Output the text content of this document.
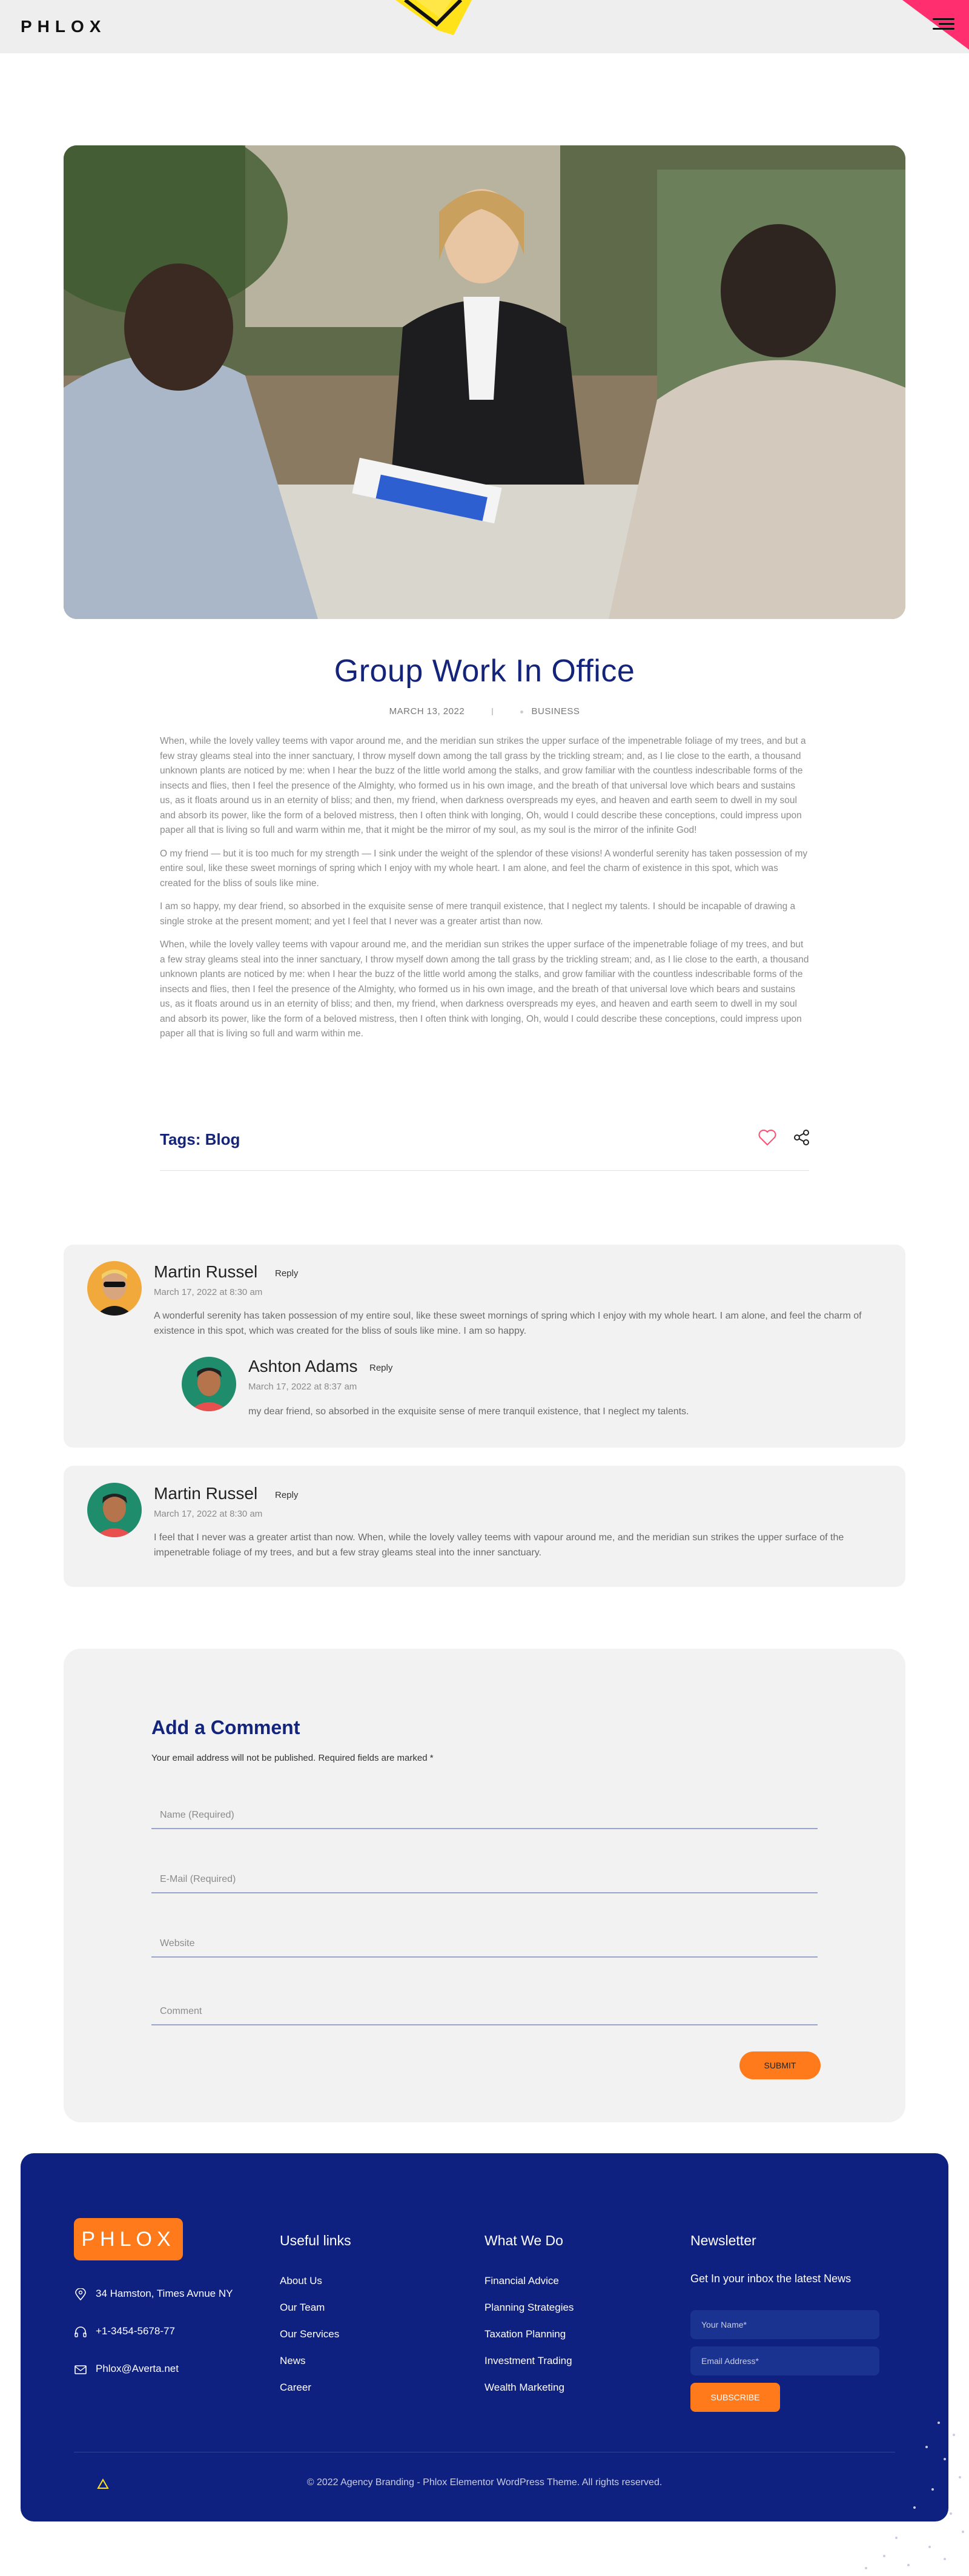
PHLOX
Group Work In Office
MARCH 13, 2022	BUSINESS

When, while the lovely valley teems with vapor around me, and the meridian sun strikes the upper surface of the impenetrable foliage of my trees, and but a few stray gleams steal into the inner sanctuary, I throw myself down among the tall grass by the trickling stream; and, as I lie close to the earth, a thousand unknown plants are noticed by me: when I hear the buzz of the little world among the stalks, and grow familiar with the countless indescribable forms of the insects and flies, then I feel the presence of the Almighty, who formed us in his own image, and the breath of that universal love which bears and sustains us, as it floats around us in an eternity of bliss; and then, my friend, when darkness overspreads my eyes, and heaven and earth seem to dwell in my soul and absorb its power, like the form of a beloved mistress, then I often think with longing, Oh, would I could describe these conceptions, could impress upon paper all that is living so full and warm within me, that it might be the mirror of my soul, as my soul is the mirror of the infinite God!

O my friend — but it is too much for my strength — I sink under the weight of the splendor of these visions! A wonderful serenity has taken possession of my entire soul, like these sweet mornings of spring which I enjoy with my whole heart. I am alone, and feel the charm of existence in this spot, which was created for the bliss of souls like mine.

I am so happy, my dear friend, so absorbed in the exquisite sense of mere tranquil existence, that I neglect my talents. I should be incapable of drawing a single stroke at the present moment; and yet I feel that I never was a greater artist than now.

When, while the lovely valley teems with vapour around me, and the meridian sun strikes the upper surface of the impenetrable foliage of my trees, and but a few stray gleams steal into the inner sanctuary, I throw myself down among the tall grass by the trickling stream; and, as I lie close to the earth, a thousand unknown plants are noticed by me: when I hear the buzz of the little world among the stalks, and grow familiar with the countless indescribable forms of the insects and flies, then I feel the presence of the Almighty, who formed us in his own image, and the breath of that universal love which bears and sustains us, as it floats around us in an eternity of bliss; and then, my friend, when darkness overspreads my eyes, and heaven and earth seem to dwell in my soul and absorb its power, like the form of a beloved mistress, then I often think with longing, Oh, would I could describe these conceptions, could impress upon paper all that is living so full and warm within me.

Tags: Blog
Martin Russel Reply
March 17, 2022 at 8:30 am
A wonderful serenity has taken possession of my entire soul, like these sweet mornings of spring which I enjoy with my whole heart. I am alone, and feel the charm of existence in this spot, which was created for the bliss of souls like mine. I am so happy.
Ashton Adams Reply
March 17, 2022 at 8:37 am
my dear friend, so absorbed in the exquisite sense of mere tranquil existence, that I neglect my talents.
Martin Russel Reply
March 17, 2022 at 8:30 am
I feel that I never was a greater artist than now. When, while the lovely valley teems with vapour around me, and the meridian sun strikes the upper surface of the impenetrable foliage of my trees, and but a few stray gleams steal into the inner sanctuary.
Add a Comment
Your email address will not be published. Required fields are marked *
Name (Required)
E-Mail (Required)
Website
Comment
SUBMIT
PHLOX
34 Hamston, Times Avnue NY
+1-3454-5678-77
Phlox@Averta.net
Useful links
About Us
Our Team
Our Services
News
Career
What We Do
Financial Advice
Planning Strategies
Taxation Planning
Investment Trading
Wealth Marketing
Newsletter
Get In your inbox the latest News
Your Name*
Email Address*
SUBSCRIBE
© 2022 Agency Branding - Phlox Elementor WordPress Theme. All rights reserved.
